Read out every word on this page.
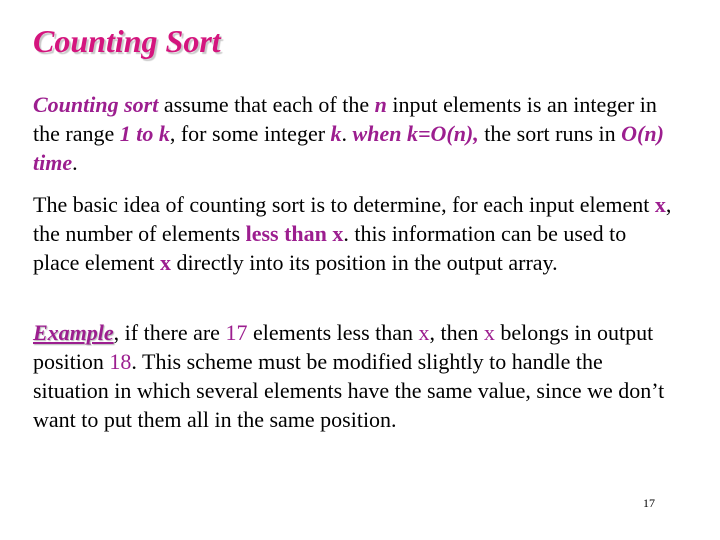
Counting Sort

Counting sort assume that each of the n input elements is an integer in the range 1 to k, for some integer k. when k=O(n), the sort runs in O(n) time.

The basic idea of counting sort is to determine, for each input element x, the number of elements less than x. this information can be used to place element x directly into its position in the output array.

Example, if there are 17 elements less than x, then x belongs in output position 18. This scheme must be modified slightly to handle the situation in which several elements have the same value, since we don’t want to put them all in the same position.

17
